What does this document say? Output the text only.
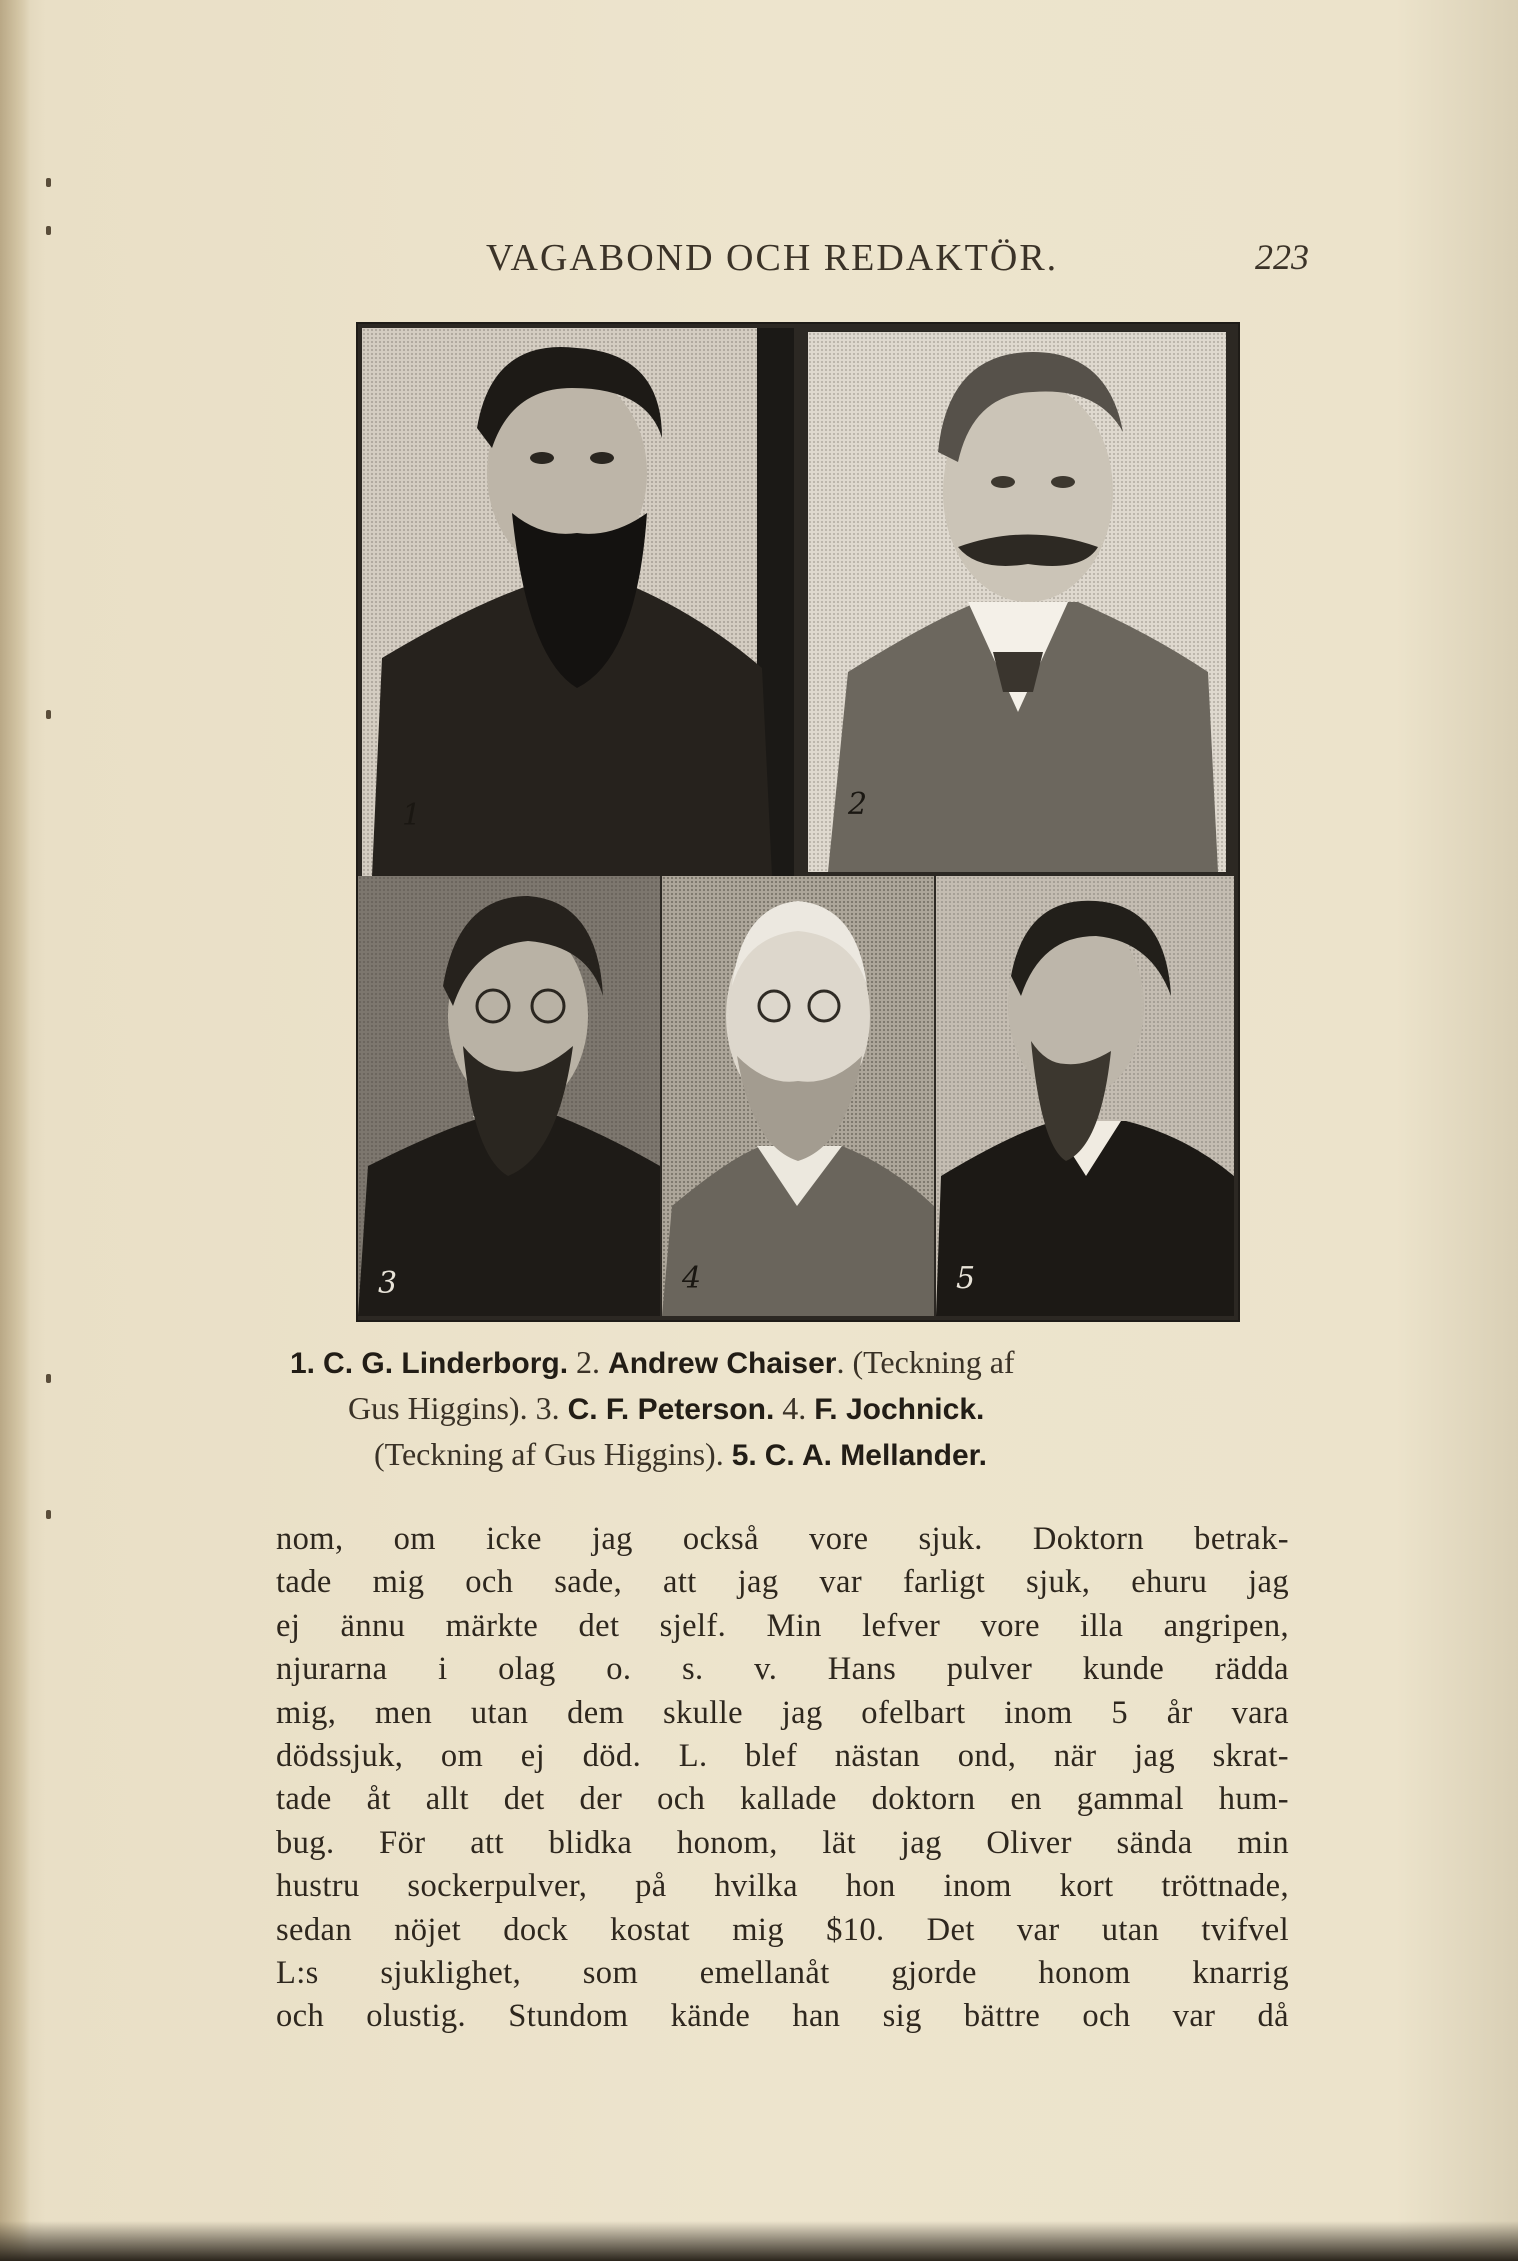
VAGABOND OCH REDAKTÖR.	223
1	2
3	4	5
1. C. G. Linderborg. 2. Andrew Chaiser. (Teckning af
Gus Higgins). 3. C. F. Peterson. 4. F. Jochnick.
(Teckning af Gus Higgins). 5. C. A. Mellander.
nom, om icke jag också vore sjuk. Doktorn betrak-
tade mig och sade, att jag var farligt sjuk, ehuru jag
ej ännu märkte det sjelf. Min lefver vore illa angripen,
njurarna i olag o. s. v. Hans pulver kunde rädda
mig, men utan dem skulle jag ofelbart inom 5 år vara
dödssjuk, om ej död. L. blef nästan ond, när jag skrat-
tade åt allt det der och kallade doktorn en gammal hum-
bug. För att blidka honom, lät jag Oliver sända min
hustru sockerpulver, på hvilka hon inom kort tröttnade,
sedan nöjet dock kostat mig $10. Det var utan tvifvel
L:s sjuklighet, som emellanåt gjorde honom knarrig
och olustig. Stundom kände han sig bättre och var då
